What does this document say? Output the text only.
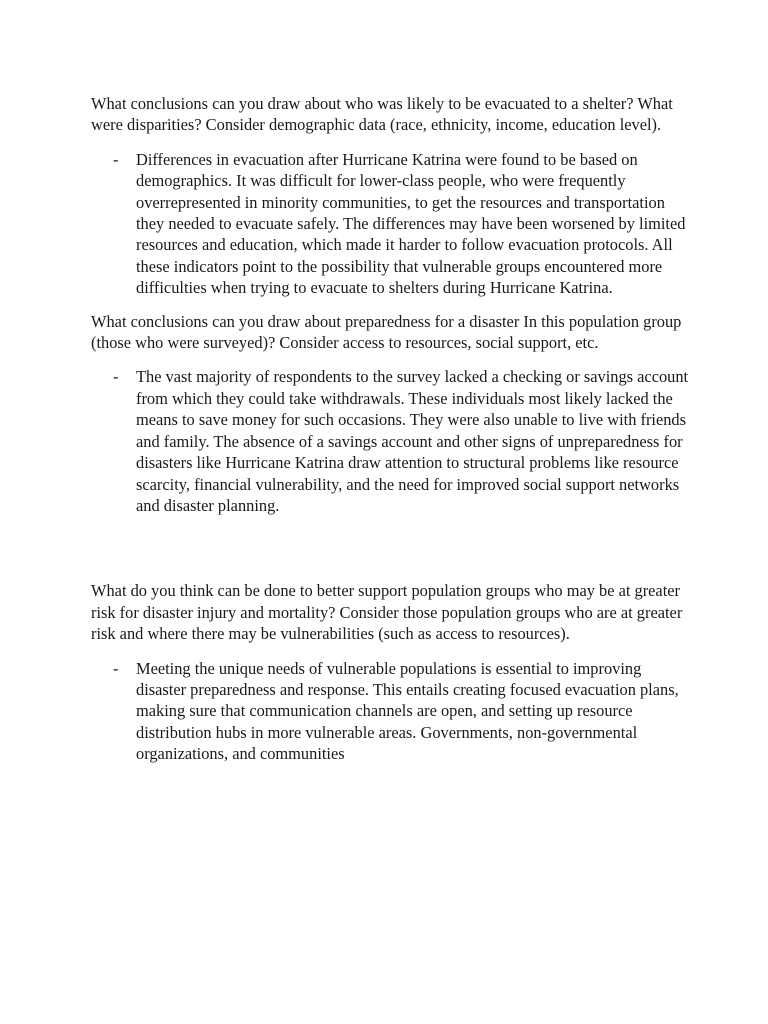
What conclusions can you draw about who was likely to be evacuated to a shelter? What were disparities? Consider demographic data (race, ethnicity, income, education level).

- Differences in evacuation after Hurricane Katrina were found to be based on demographics. It was difficult for lower-class people, who were frequently overrepresented in minority communities, to get the resources and transportation they needed to evacuate safely. The differences may have been worsened by limited resources and education, which made it harder to follow evacuation protocols. All these indicators point to the possibility that vulnerable groups encountered more difficulties when trying to evacuate to shelters during Hurricane Katrina.

What conclusions can you draw about preparedness for a disaster In this population group (those who were surveyed)? Consider access to resources, social support, etc.

- The vast majority of respondents to the survey lacked a checking or savings account from which they could take withdrawals. These individuals most likely lacked the means to save money for such occasions. They were also unable to live with friends and family. The absence of a savings account and other signs of unpreparedness for disasters like Hurricane Katrina draw attention to structural problems like resource scarcity, financial vulnerability, and the need for improved social support networks and disaster planning.

What do you think can be done to better support population groups who may be at greater risk for disaster injury and mortality? Consider those population groups who are at greater risk and where there may be vulnerabilities (such as access to resources).

- Meeting the unique needs of vulnerable populations is essential to improving disaster preparedness and response. This entails creating focused evacuation plans, making sure that communication channels are open, and setting up resource distribution hubs in more vulnerable areas. Governments, non-governmental organizations, and communities
